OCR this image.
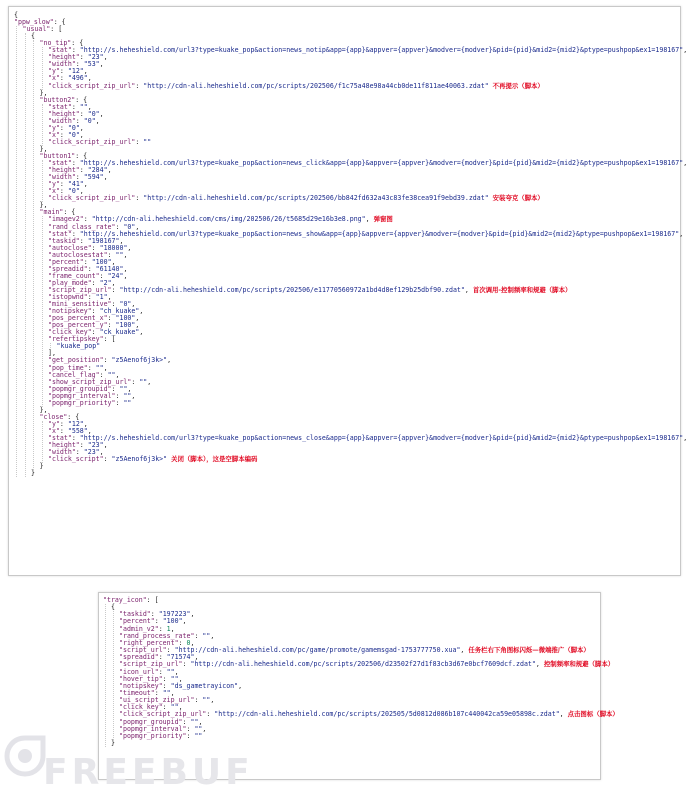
{
"ppw_slow": {
"usual": [
{
"no_tip": {
"stat": "http://s.heheshield.com/url3?type=kuake_pop&action=news_notip&app={app}&appver={appver}&modver={modver}&pid={pid}&mid2={mid2}&ptype=pushpop&ex1=198167",
"height": "23",
"width": "53",
"y": "12",
"x": "496",
"click_script_zip_url": "http://cdn-ali.heheshield.com/pc/scripts/202506/f1c75a48e98a44cb0de11f811ae40063.zdat" 不再提示（脚本）
},
"button2": {
"stat": "",
"height": "0",
"width": "0",
"y": "0",
"x": "0",
"click_script_zip_url": ""
},
"button1": {
"stat": "http://s.heheshield.com/url3?type=kuake_pop&action=news_click&app={app}&appver={appver}&modver={modver}&pid={pid}&mid2={mid2}&ptype=pushpop&ex1=198167",
"height": "284",
"width": "594",
"y": "41",
"x": "0",
"click_script_zip_url": "http://cdn-ali.heheshield.com/pc/scripts/202506/bb842fd632a43c83fe38cea91f9ebd39.zdat" 安装夸克（脚本）
},
"main": {
"imagev2": "http://cdn-ali.heheshield.com/cms/img/202506/26/t5685d29e16b3e8.png", 弹窗图
"rand_class_rate": "0",
"stat": "http://s.heheshield.com/url3?type=kuake_pop&action=news_show&app={app}&appver={appver}&modver={modver}&pid={pid}&mid2={mid2}&ptype=pushpop&ex1=198167",
"taskid": "198167",
"autoclose": "18000",
"autoclosestat": "",
"percent": "100",
"spreadid": "61140",
"frame_count": "24",
"play_mode": "2",
"script_zip_url": "http://cdn-ali.heheshield.com/pc/scripts/202506/e11770560972a1bd4d8ef129b25dbf90.zdat", 首次调用-控制频率和规避（脚本）
"istopwnd": "1",
"mini_sensitive": "0",
"notipskey": "ch_kuake",
"pos_percent_x": "100",
"pos_percent_y": "100",
"click_key": "ck_kuake",
"refertipskey": [
"kuake_pop"
],
"get_position": "z5Aenof6j3k>",
"pop_time": "",
"cancel_flag": "",
"show_script_zip_url": "",
"popmgr_groupid": "",
"popmgr_interval": "",
"popmgr_priority": ""
},
"close": {
"y": "12",
"x": "558",
"stat": "http://s.heheshield.com/url3?type=kuake_pop&action=news_close&app={app}&appver={appver}&modver={modver}&pid={pid}&mid2={mid2}&ptype=pushpop&ex1=198167",
"height": "23",
"width": "23",
"click_script": "z5Aenof6j3k>" 关闭（脚本），这是空脚本编码
}
}
"tray_icon": [
{
"taskid": "197223",
"percent": "100",
"admin_v2": 1,
"rand_process_rate": "",
"right_percent": 0,
"script_url": "http://cdn-ali.heheshield.com/pc/game/promote/gamemsgad-1753777750.xua", 任务栏右下角图标闪烁—微端推广（脚本）
"spreadid": "71574",
"script_zip_url": "http://cdn-ali.heheshield.com/pc/scripts/202506/d23502f27d1f83cb3d67e0bcf7609dcf.zdat", 控制频率和规避（脚本）
"icon_url": "",
"hover_tip": "",
"notipskey": "ds_gametrayicon",
"timeout": "",
"ui_script_zip_url": "",
"click_key": "",
"click_script_zip_url": "http://cdn-ali.heheshield.com/pc/scripts/202505/5d0812d086b107c440042ca59e05898c.zdat", 点击图标（脚本）
"popmgr_groupid": "",
"popmgr_interval": "",
"popmgr_priority": ""
}
FREEBUF
